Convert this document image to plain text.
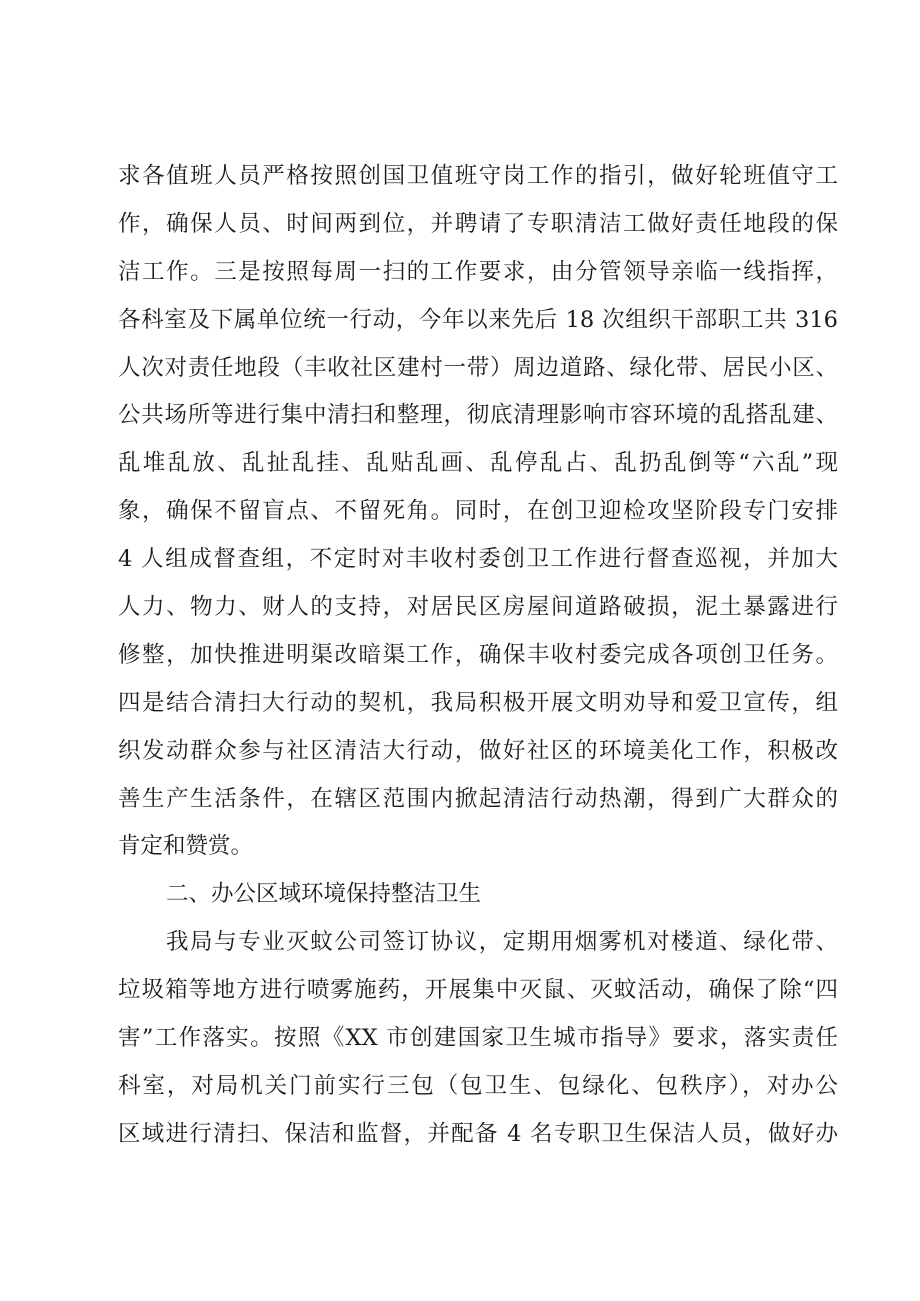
求各值班人员严格按照创国卫值班守岗工作的指引，做好轮班值守工
作，确保人员、时间两到位，并聘请了专职清洁工做好责任地段的保
洁工作。三是按照每周一扫的工作要求，由分管领导亲临一线指挥，
各科室及下属单位统一行动，今年以来先后 18 次组织干部职工共 316
人次对责任地段（丰收社区建村一带）周边道路、绿化带、居民小区、
公共场所等进行集中清扫和整理，彻底清理影响市容环境的乱搭乱建、
乱堆乱放、乱扯乱挂、乱贴乱画、乱停乱占、乱扔乱倒等“六乱”现
象，确保不留盲点、不留死角。同时，在创卫迎检攻坚阶段专门安排
4 人组成督查组，不定时对丰收村委创卫工作进行督查巡视，并加大
人力、物力、财人的支持，对居民区房屋间道路破损，泥土暴露进行
修整，加快推进明渠改暗渠工作，确保丰收村委完成各项创卫任务。
四是结合清扫大行动的契机，我局积极开展文明劝导和爱卫宣传，组
织发动群众参与社区清洁大行动，做好社区的环境美化工作，积极改
善生产生活条件，在辖区范围内掀起清洁行动热潮，得到广大群众的
肯定和赞赏。
二、办公区域环境保持整洁卫生
我局与专业灭蚊公司签订协议，定期用烟雾机对楼道、绿化带、
垃圾箱等地方进行喷雾施药，开展集中灭鼠、灭蚊活动，确保了除“四
害”工作落实。按照《XX 市创建国家卫生城市指导》要求，落实责任
科室，对局机关门前实行三包（包卫生、包绿化、包秩序），对办公
区域进行清扫、保洁和监督，并配备 4 名专职卫生保洁人员，做好办
